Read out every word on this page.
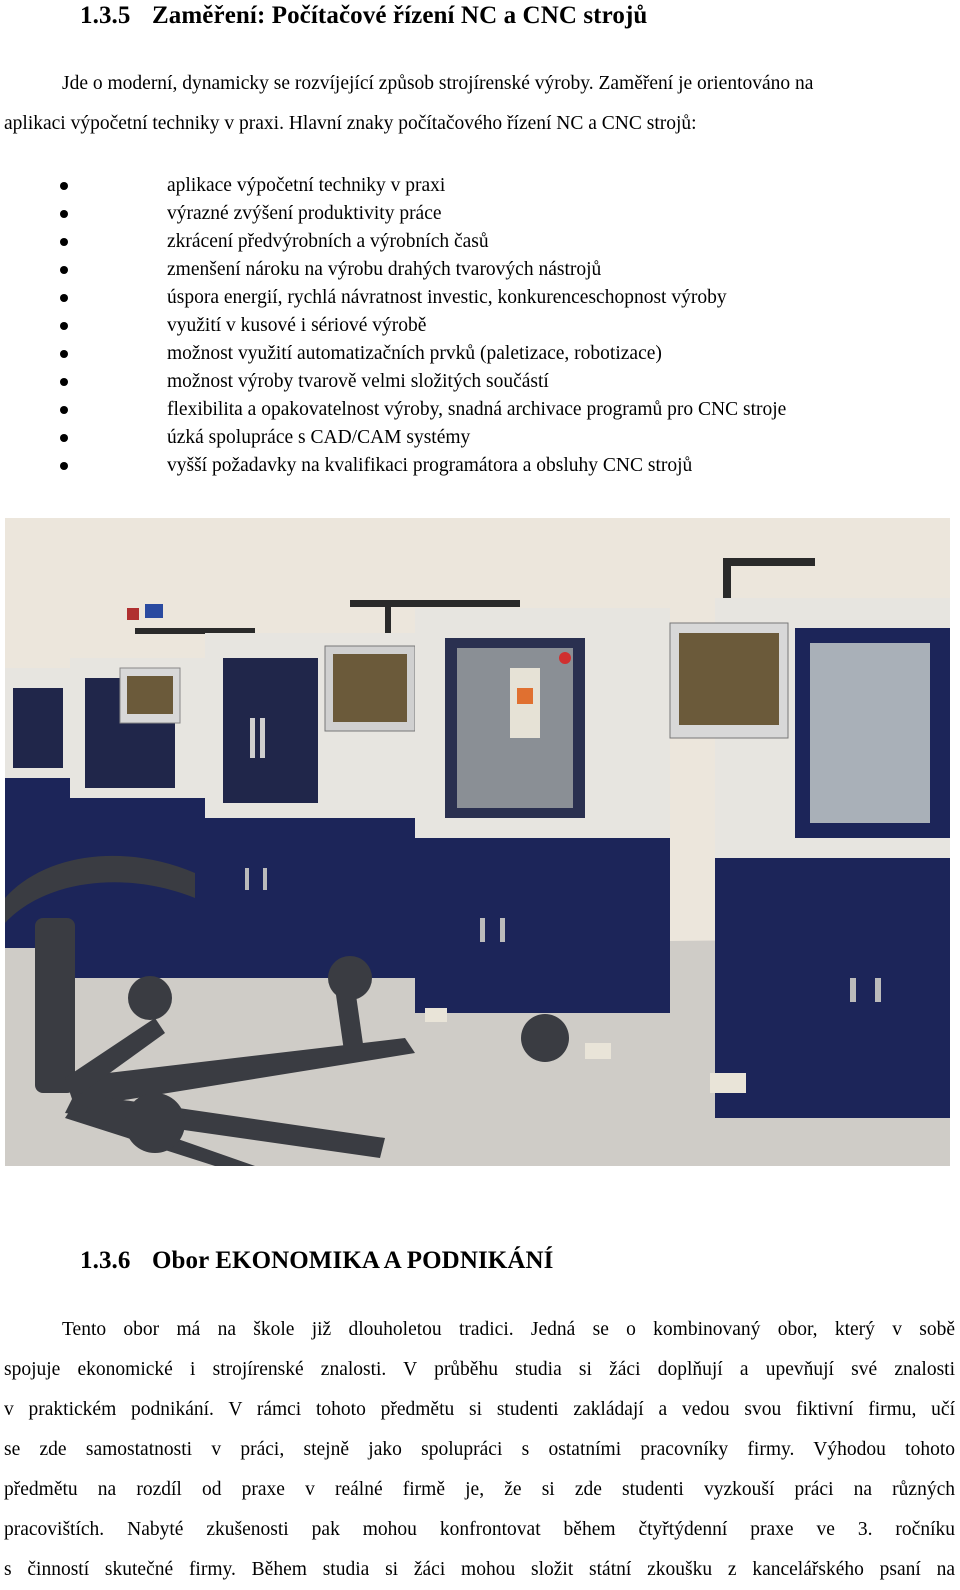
1.3.5 Zaměření: Počítačové řízení NC a CNC strojů
Jde o moderní, dynamicky se rozvíjející způsob strojírenské výroby. Zaměření je orientováno na
aplikaci výpočetní techniky v praxi. Hlavní znaky počítačového řízení NC a CNC strojů:
aplikace výpočetní techniky v praxi
výrazné zvýšení produktivity práce
zkrácení předvýrobních a výrobních časů
zmenšení nároku na výrobu drahých tvarových nástrojů
úspora energií, rychlá návratnost investic, konkurenceschopnost výroby
využití v kusové i sériové výrobě
možnost využití automatizačních prvků (paletizace, robotizace)
možnost výroby tvarově velmi složitých součástí
flexibilita a opakovatelnost výroby, snadná archivace programů pro CNC stroje
úzká spolupráce s CAD/CAM systémy
vyšší požadavky na kvalifikaci programátora a obsluhy CNC strojů
1.3.6 Obor EKONOMIKA A PODNIKÁNÍ
Tento obor má na škole již dlouholetou tradici. Jedná se o kombinovaný obor, který v sobě
spojuje ekonomické i strojírenské znalosti. V průběhu studia si žáci doplňují a upevňují své znalosti
v praktickém podnikání. V rámci tohoto předmětu si studenti zakládají a vedou svou fiktivní firmu, učí
se zde samostatnosti v práci, stejně jako spolupráci s ostatními pracovníky firmy. Výhodou tohoto
předmětu na rozdíl od praxe v reálné firmě je, že si zde studenti vyzkouší práci na různých
pracovištích. Nabyté zkušenosti pak mohou konfrontovat během čtyřtýdenní praxe ve 3. ročníku
s činností skutečné firmy. Během studia si žáci mohou složit státní zkoušku z kancelářského psaní na
